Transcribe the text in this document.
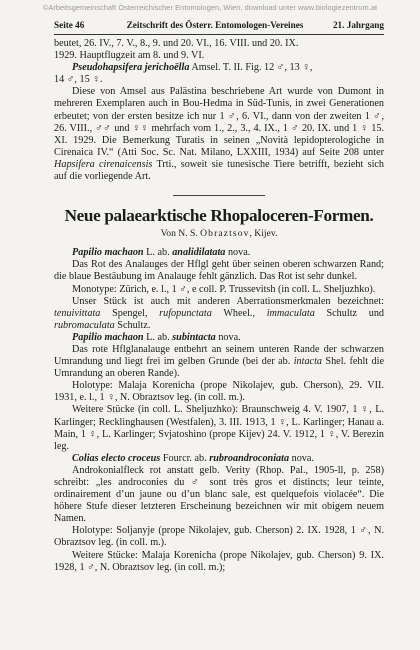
©Arbeitsgemeinschaft Österreichischer Entomologen, Wien, download unter www.biologiezentrum.at
Seite 46	Zeitschrift des Österr. Entomologen-Vereines	21. Jahrgang

beutet, 26. IV., 7. V., 8., 9. und 20. VI., 16. VIII. und 20. IX.

1929. Hauptflugzeit am 8. und 9. VI.

Pseudohapsifera jerichoëlla Amsel. T. II. Fig. 12 ♂, 13 ♀,

14 ♂, 15 ♀.

Diese von Amsel aus Palästina beschriebene Art wurde von Dumont in mehreren Exemplaren auch in Bou-Hedma in Süd-Tunis, in zwei Generationen erbeutet; von der ersten besitze ich nur 1 ♂, 6. VI., dann von der zweiten 1 ♂, 26. VIII., ♂♂ und ♀♀ mehrfach vom 1., 2., 3., 4. IX., 1 ♂ 20. IX. und 1 ♀ 15. XI. 1929. Die Bemerkung Turatis in seinen „Novità lepidopterologiche in Cirenaica IV.“ (Atti Soc. Sc. Nat. Milano, LXXIII, 1934) auf Seite 208 unter Hapsifera cirenaicensis Trti., soweit sie tunesische Tiere betrifft, bezieht sich auf die vorliegende Art.

Neue palaearktische Rhopaloceren-Formen.
Von N. S. Obraztsov, Kijev.

Papilio machaon L. ab. analidilatata nova.

Das Rot des Analauges der Hflgl geht über seinen oberen schwarzen Rand; die blaue Bestäubung im Analauge fehlt gänzlich. Das Rot ist sehr dunkel.

Monotype: Zürich, e. l., 1 ♂, e coll. P. Trussevitsh (in coll. L. Sheljuzhko).

Unser Stück ist auch mit anderen Aberrationsmerkmalen bezeichnet: tenuivittata Spengel, rufopunctata Wheel., immaculata Schultz und rubromaculata Schultz.

Papilio machaon L. ab. subintacta nova.

Das rote Hflglanalauge entbehrt an seinem unteren Rande der schwarzen Umrandung und liegt frei im gelben Grunde (bei der ab. intacta Shel. fehlt die Umrandung an oberen Rande).

Holotype: Malaja Korenicha (prope Nikolajev, gub. Cherson), 29. VII. 1931, e. l., 1 ♀, N. Obraztsov leg. (in coll. m.).

Weitere Stücke (in coll. L. Sheljuzhko): Braunschweig 4. V. 1907, 1 ♀, L. Karlinger; Recklinghausen (Westfalen), 3. III. 1913, 1 ♀, L. Karlinger; Hanau a. Main, 1 ♀, L. Karlinger; Svjatoshino (prope Kijev) 24. V. 1912, 1 ♀, V. Berezin leg.

Colias electo croceus Fourcr. ab. rubroandroconiata nova.

Androkonialfleck rot anstatt gelb. Verity (Rhop. Pal., 1905-ll, p. 258) schreibt: „les androconies du ♂ sont très gros et distincts; leur teinte, ordinairement d’un jaune ou d’un blanc sale, est quelquefois violacée“. Die höhere Stufe dieser letzteren Erscheinung bezeichnen wir mit obigem neuem Namen.

Holotype: Soljanyje (prope Nikolajev, gub. Cherson) 2. IX. 1928, 1 ♂, N. Obraztsov leg. (in coll. m.).

Weitere Stücke: Malaja Korenicha (prope Nikolajev, gub. Cherson) 9. IX. 1928, 1 ♂, N. Obraztsov leg. (in coll. m.);
